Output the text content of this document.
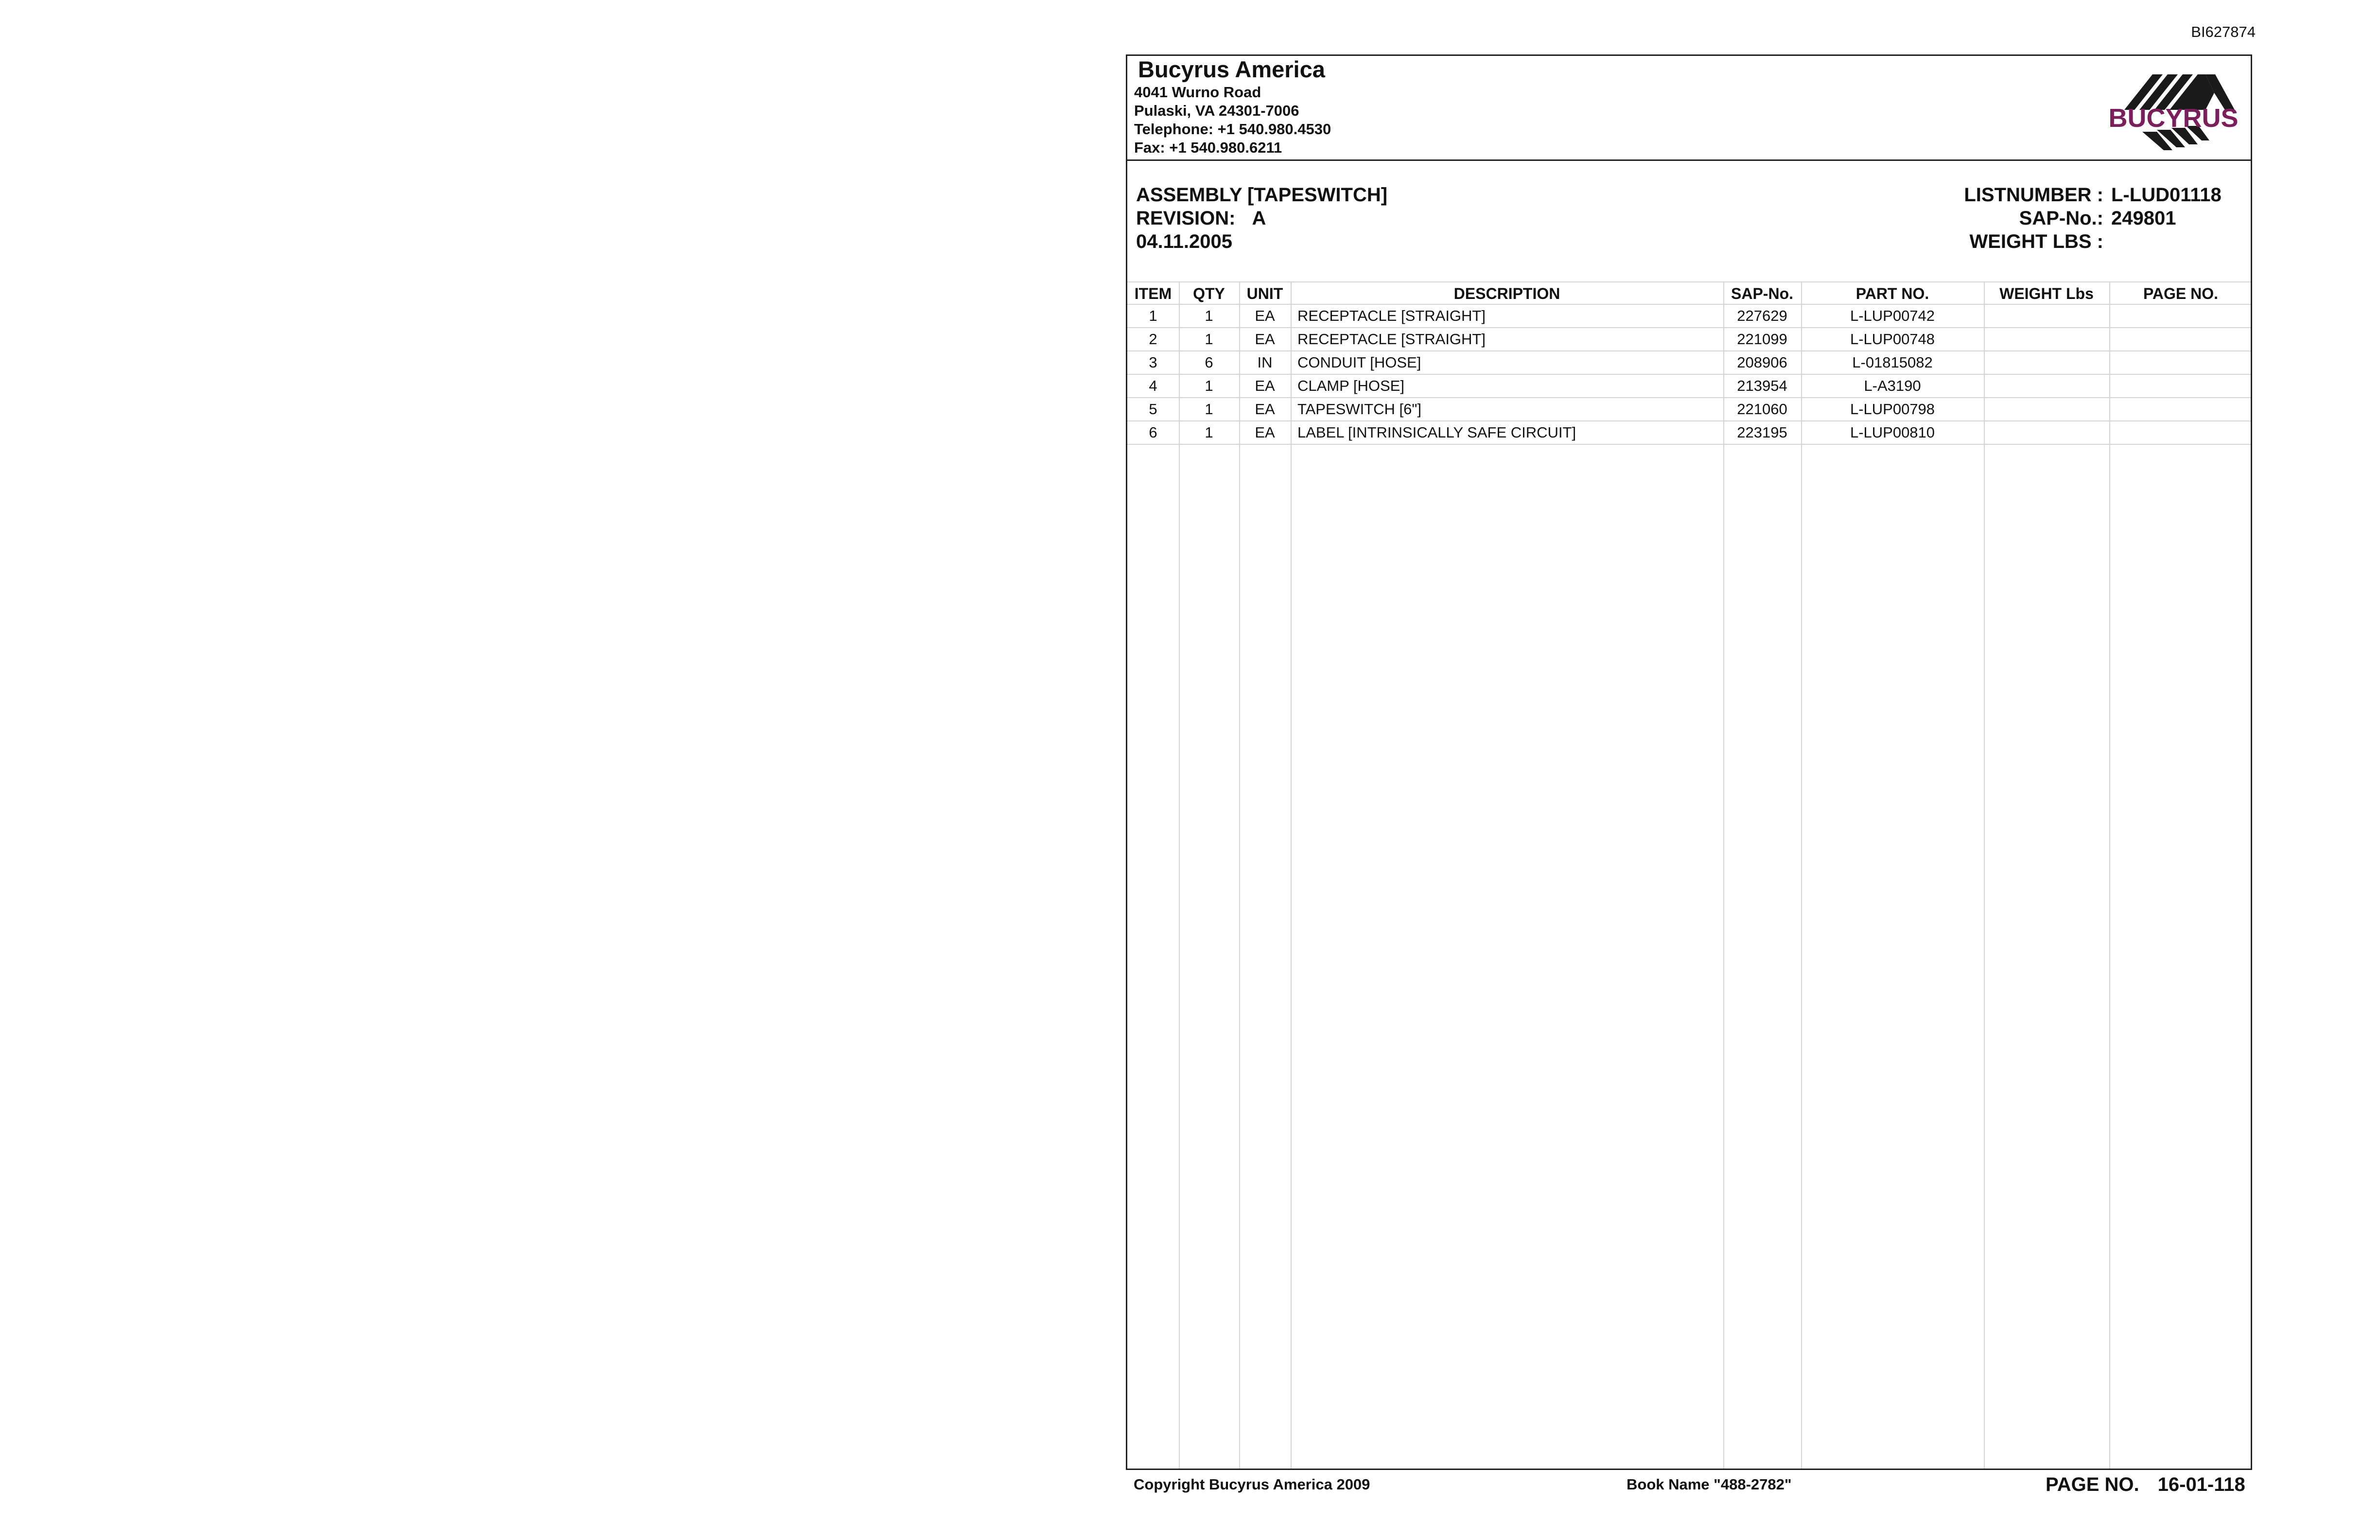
BI627874
Bucyrus America
4041 Wurno Road
Pulaski, VA 24301-7006
Telephone: +1 540.980.4530
Fax: +1 540.980.6211
BUCYRUS
ITEM	QTY	UNIT	DESCRIPTION	SAP-No.	PART NO.	WEIGHT Lbs	PAGE NO.
1	1	EA	RECEPTACLE [STRAIGHT]	227629	L-LUP00742
2	1	EA	RECEPTACLE [STRAIGHT]	221099	L-LUP00748
3	6	IN	CONDUIT [HOSE]	208906	L-01815082
4	1	EA	CLAMP [HOSE]	213954	L-A3190
5	1	EA	TAPESWITCH [6"]	221060	L-LUP00798
6	1	EA	LABEL [INTRINSICALLY SAFE CIRCUIT]	223195	L-LUP00810
ASSEMBLY [TAPESWITCH]
REVISION: A
04.11.2005
LISTNUMBER : L-LUD01118
SAP-No.: 249801
WEIGHT LBS :
Copyright Bucyrus America 2009	Book Name "488-2782"	PAGE NO. 16-01-118
